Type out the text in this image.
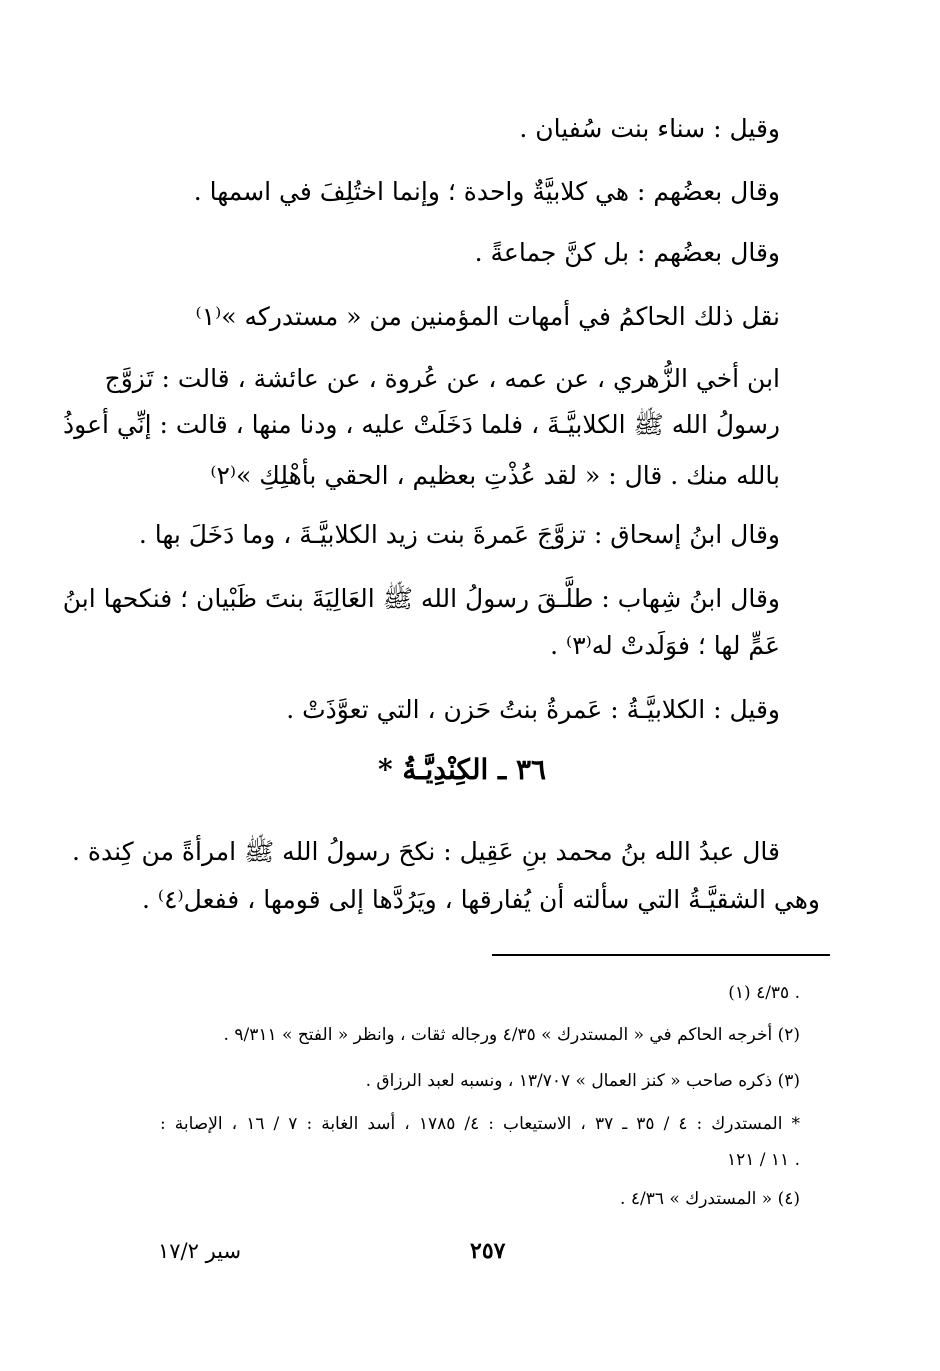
وقيل : سناء بنت سُفيان .
وقال بعضُهم : هي كلابيَّةٌ واحدة ؛ وإنما اختُلِفَ في اسمها .
وقال بعضُهم : بل كنَّ جماعةً .
نقل ذلك الحاكمُ في أمهات المؤمنين من « مستدركه »⁽١⁾
ابن أخي الزُّهري ، عن عمه ، عن عُروة ، عن عائشة ، قالت : تَزوَّج
رسولُ الله ﷺ الكلابيَّـةَ ، فلما دَخَلَتْ عليه ، ودنا منها ، قالت : إنِّي أعوذُ
بالله منك . قال : « لقد عُذْتِ بعظيم ، الحقي بأهْلِكِ »⁽٢⁾
وقال ابنُ إسحاق : تزوَّجَ عَمرةَ بنت زيد الكلابيَّـةَ ، وما دَخَلَ بها .
وقال ابنُ شِهاب : طلَّـقَ رسولُ الله ﷺ العَالِيَةَ بنتَ ظَبْيان ؛ فنكحها ابنُ
عَمٍّ لها ؛ فوَلَدتْ له⁽٣⁾ .
وقيل : الكلابيَّـةُ : عَمرةُ بنتُ حَزن ، التي تعوَّذَتْ .
٣٦ ـ الكِنْدِيَّـةُ *
قال عبدُ الله بنُ محمد بنِ عَقِيل : نكحَ رسولُ الله ﷺ امرأةً من كِندة .
وهي الشقيَّـةُ التي سألته أن يُفارقها ، ويَرُدَّها إلى قومها ، ففعل⁽٤⁾ .
(١) ٤/٣٥ .
(٢) أخرجه الحاكم في « المستدرك » ٤/٣٥ ورجاله ثقات ، وانظر « الفتح » ٩/٣١١ .
(٣) ذكره صاحب « كنز العمال » ١٣/٧٠٧ ، ونسبه لعبد الرزاق .
* المستدرك : ٤ / ٣٥ ـ ٣٧ ، الاستيعاب : ٤/ ١٧٨٥ ، أسد الغابة : ٧ / ١٦ ، الإصابة :
١١ / ١٢١ .
(٤) « المستدرك » ٤/٣٦ .
٢٥٧
سير ١٧/٢
